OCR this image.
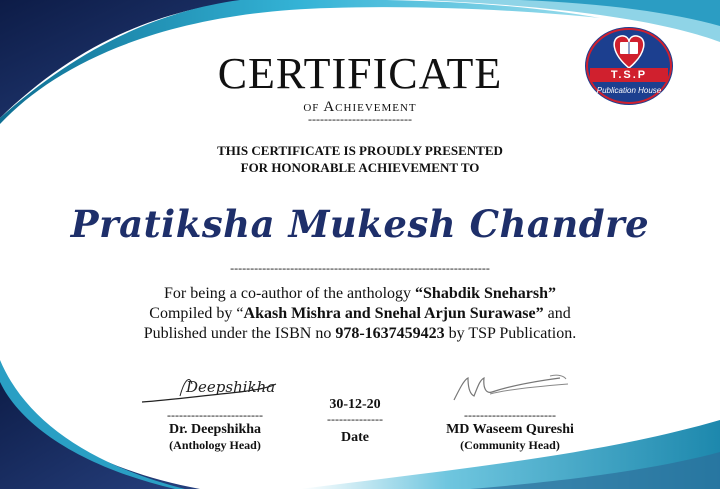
T.S.P
Publication House
CERTIFICATE
of Achievement
--------------------------
THIS CERTIFICATE IS PROUDLY PRESENTED
FOR HONORABLE ACHIEVEMENT TO
Pratiksha Mukesh Chandre
-----------------------------------------------------------------
For being a co-author of the anthology “Shabdik Sneharsh”
Compiled by “Akash Mishra and Snehal Arjun Surawase” and
Published under the ISBN no 978-1637459423 by TSP Publication.
Deepshikha
------------------------
Dr. Deepshikha
(Anthology Head)
30-12-20
--------------
Date
-----------------------
MD Waseem Qureshi
(Community Head)
